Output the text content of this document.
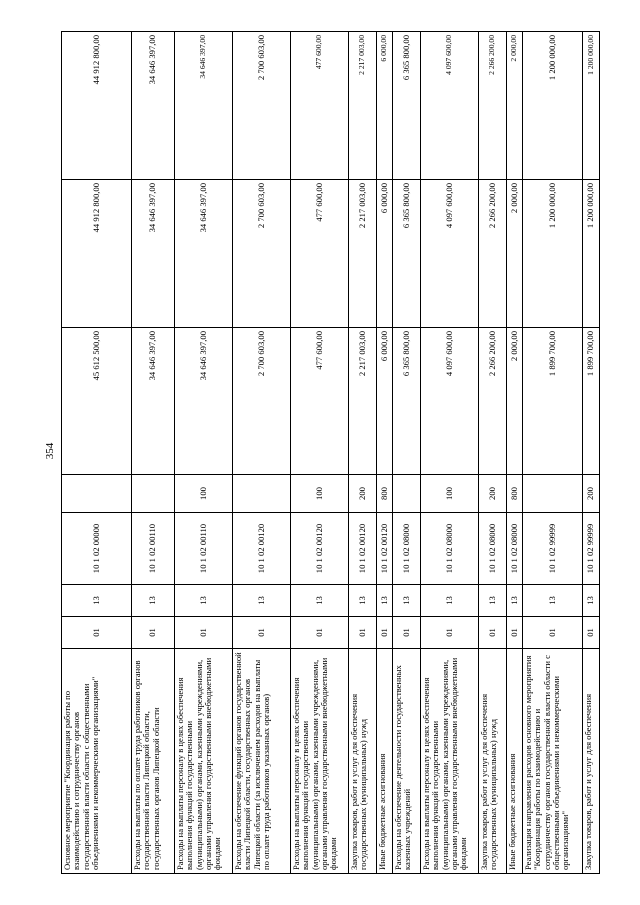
354
Основное мероприятие "Координация работы по взаимодействию и сотрудничеству органов государственной власти области с общественными объединениями и некоммерческими организациями"	01	13	10 1 02 00000		45 612 500,00	44 912 800,00	44 912 800,00
Расходы на выплаты по оплате труда работников органов государственной власти Липецкой области, государственных органов Липецкой области	01	13	10 1 02 00110		34 646 397,00	34 646 397,00	34 646 397,00
Расходы на выплаты персоналу в целях обеспечения выполнения функций государственными (муниципальными) органами, казенными учреждениями, органами управления государственными внебюджетными фондами	01	13	10 1 02 00110	100	34 646 397,00	34 646 397,00	34 646 397,00
Расходы на обеспечение функций органов государственной власти Липецкой области, государственных органов Липецкой области (за исключением расходов на выплаты по оплате труда работников указанных органов)	01	13	10 1 02 00120		2 700 603,00	2 700 603,00	2 700 603,00
Расходы на выплаты персоналу в целях обеспечения выполнения функций государственными (муниципальными) органами, казенными учреждениями, органами управления государственными внебюджетными фондами	01	13	10 1 02 00120	100	477 600,00	477 600,00	477 600,00
Закупка товаров, работ и услуг для обеспечения государственных (муниципальных) нужд	01	13	10 1 02 00120	200	2 217 003,00	2 217 003,00	2 217 003,00
Иные бюджетные ассигнования	01	13	10 1 02 00120	800	6 000,00	6 000,00	6 000,00
Расходы на обеспечение деятельности государственных казенных учреждений	01	13	10 1 02 08000		6 365 800,00	6 365 800,00	6 365 800,00
Расходы на выплаты персоналу в целях обеспечения выполнения функций государственными (муниципальными) органами, казенными учреждениями, органами управления государственными внебюджетными фондами	01	13	10 1 02 08000	100	4 097 600,00	4 097 600,00	4 097 600,00
Закупка товаров, работ и услуг для обеспечения государственных (муниципальных) нужд	01	13	10 1 02 08000	200	2 266 200,00	2 266 200,00	2 266 200,00
Иные бюджетные ассигнования	01	13	10 1 02 08000	800	2 000,00	2 000,00	2 000,00
Реализация направления расходов основного мероприятия "Координация работы по взаимодействию и сотрудничеству органов государственной власти области с общественными объединениями и некоммерческими организациями"	01	13	10 1 02 99999		1 899 700,00	1 200 000,00	1 200 000,00
Закупка товаров, работ и услуг для обеспечения	01	13	10 1 02 99999	200	1 899 700,00	1 200 000,00	1 200 000,00
